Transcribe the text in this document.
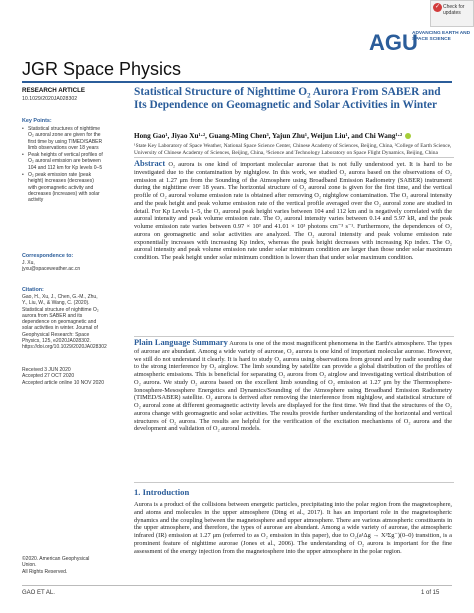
✓ Check for updates
AGU
ADVANCING EARTH AND SPACE SCIENCE
JGR Space Physics
RESEARCH ARTICLE
10.1029/2020JA028302
Key Points:
• Statistical structures of nighttime O₂ auroral zone are given for the first time by using TIMED/SABER limb observations over 18 years
• Peak heights of vertical profiles of O₂ auroral emission are between 104 and 112 km for Kp levels 0–5
• O₂ peak emission rate (peak height) increases (decreases) with geomagnetic activity and decreases (increases) with solar activity
Correspondence to:
J. Xu,
jyxu@spaceweather.ac.cn
Citation:
Gao, H., Xu, J., Chen, G.-M., Zhu, Y., Liu, W., & Wang, C. (2020). Statistical structure of nighttime O₂ aurora from SABER and its dependence on geomagnetic and solar activities in winter. Journal of Geophysical Research: Space Physics, 125, e2020JA028302. https://doi.org/10.1029/2020JA028302
Received 3 JUN 2020
Accepted 27 OCT 2020
Accepted article online 10 NOV 2020
©2020. American Geophysical Union.
All Rights Reserved.
Statistical Structure of Nighttime O₂ Aurora From SABER and Its Dependence on Geomagnetic and Solar Activities in Winter
Hong Gao¹, Jiyao Xu¹·², Guang-Ming Chen³, Yajun Zhu¹, Weijun Liu¹, and Chi Wang¹·²
¹State Key Laboratory of Space Weather, National Space Science Center, Chinese Academy of Sciences, Beijing, China, ²College of Earth Science, University of Chinese Academy of Sciences, Beijing, China, ³Science and Technology Laboratory on Space Flight Dynamics, Beijing, China
Abstract O₂ aurora is one kind of important molecular aurorae that is not fully understood yet. It is hard to be investigated due to the contamination by nightglow. In this work, we studied O₂ aurora based on the observations of O₂ emission at 1.27 μm from the Sounding of the Atmosphere using Broadband Emission Radiometry (SABER) instrument during the nighttime over 18 years. The horizontal structure of O₂ auroral zone is given for the first time, and the vertical profile of O₂ auroral volume emission rate is obtained after removing O₂ nightglow contamination. The O₂ auroral intensity and the peak height and peak volume emission rate of the vertical profile averaged over the O₂ auroral zone are studied in detail. For Kp Levels 1–5, the O₂ auroral peak height varies between 104 and 112 km and is negatively correlated with the auroral intensity and peak volume emission rate. The O₂ auroral intensity varies between 0.14 and 5.97 kR, and the peak volume emission rate varies between 0.97 × 10³ and 41.01 × 10³ photons cm⁻³ s⁻¹. Furthermore, the dependences of O₂ aurora on geomagnetic and solar activities are analyzed. The O₂ auroral intensity and peak volume emission rate exponentially increases with increasing Kp index, whereas the peak height decreases with increasing Kp index. The O₂ auroral intensity and peak volume emission rate under solar minimum condition are larger than those under solar maximum condition. The peak height under solar minimum condition is lower than that under solar maximum condition.
Plain Language Summary Aurora is one of the most magnificent phenomena in the Earth's atmosphere. The types of aurorae are abundant. Among a wide variety of aurorae, O₂ aurora is one kind of important molecular aurorae. However, we still do not understand it clearly. It is hard to study O₂ aurora using observations from ground and by nadir sounding due to the strong interference by O₂ airglow. The limb sounding by satellite can provide a global distribution of the profiles of atmospheric emissions. This is beneficial for separating O₂ aurora from O₂ airglow and investigating vertical distribution of O₂ aurora. We study O₂ aurora based on the excellent limb sounding of O₂ emission at 1.27 μm by the Thermosphere-Ionosphere-Mesosphere Energetics and Dynamics/Sounding of the Atmosphere using Broadband Emission Radiometry (TIMED/SABER) satellite. O₂ aurora is derived after removing the interference from nightglow, and statistical structure of O₂ auroral zone at different geomagnetic activity levels are displayed for the first time. We find that the structures of the O₂ aurora change with geomagnetic and solar activities. The results provide further understanding of the horizontal and vertical structures of O₂ aurora. The results are helpful for the verification of the excitation mechanisms of O₂ aurora and the development and validation of O₂ auroral models.
1. Introduction
Aurora is a product of the collisions between energetic particles, precipitating into the polar region from the magnetosphere, and atoms and molecules in the upper atmosphere (Ding et al., 2017). It has an important role in the magnetospheric dynamics and the coupling between the magnetosphere and upper atmosphere. There are various atmospheric constituents in the upper atmosphere, and therefore, the types of aurorae are abundant. Among a wide variety of aurorae, the atmospheric infrared (IR) emission at 1.27 μm (referred to as O₂ emission in this paper), due to O₂(a¹Δg → X³Σg⁻)(0–0) transition, is a prominent feature of nighttime aurorae (Jones et al., 2006). The understanding of O₂ aurora is important for the fine assessment of the energy injection from the magnetosphere into the upper atmosphere in the polar region.
GAO ET AL.	1 of 15
